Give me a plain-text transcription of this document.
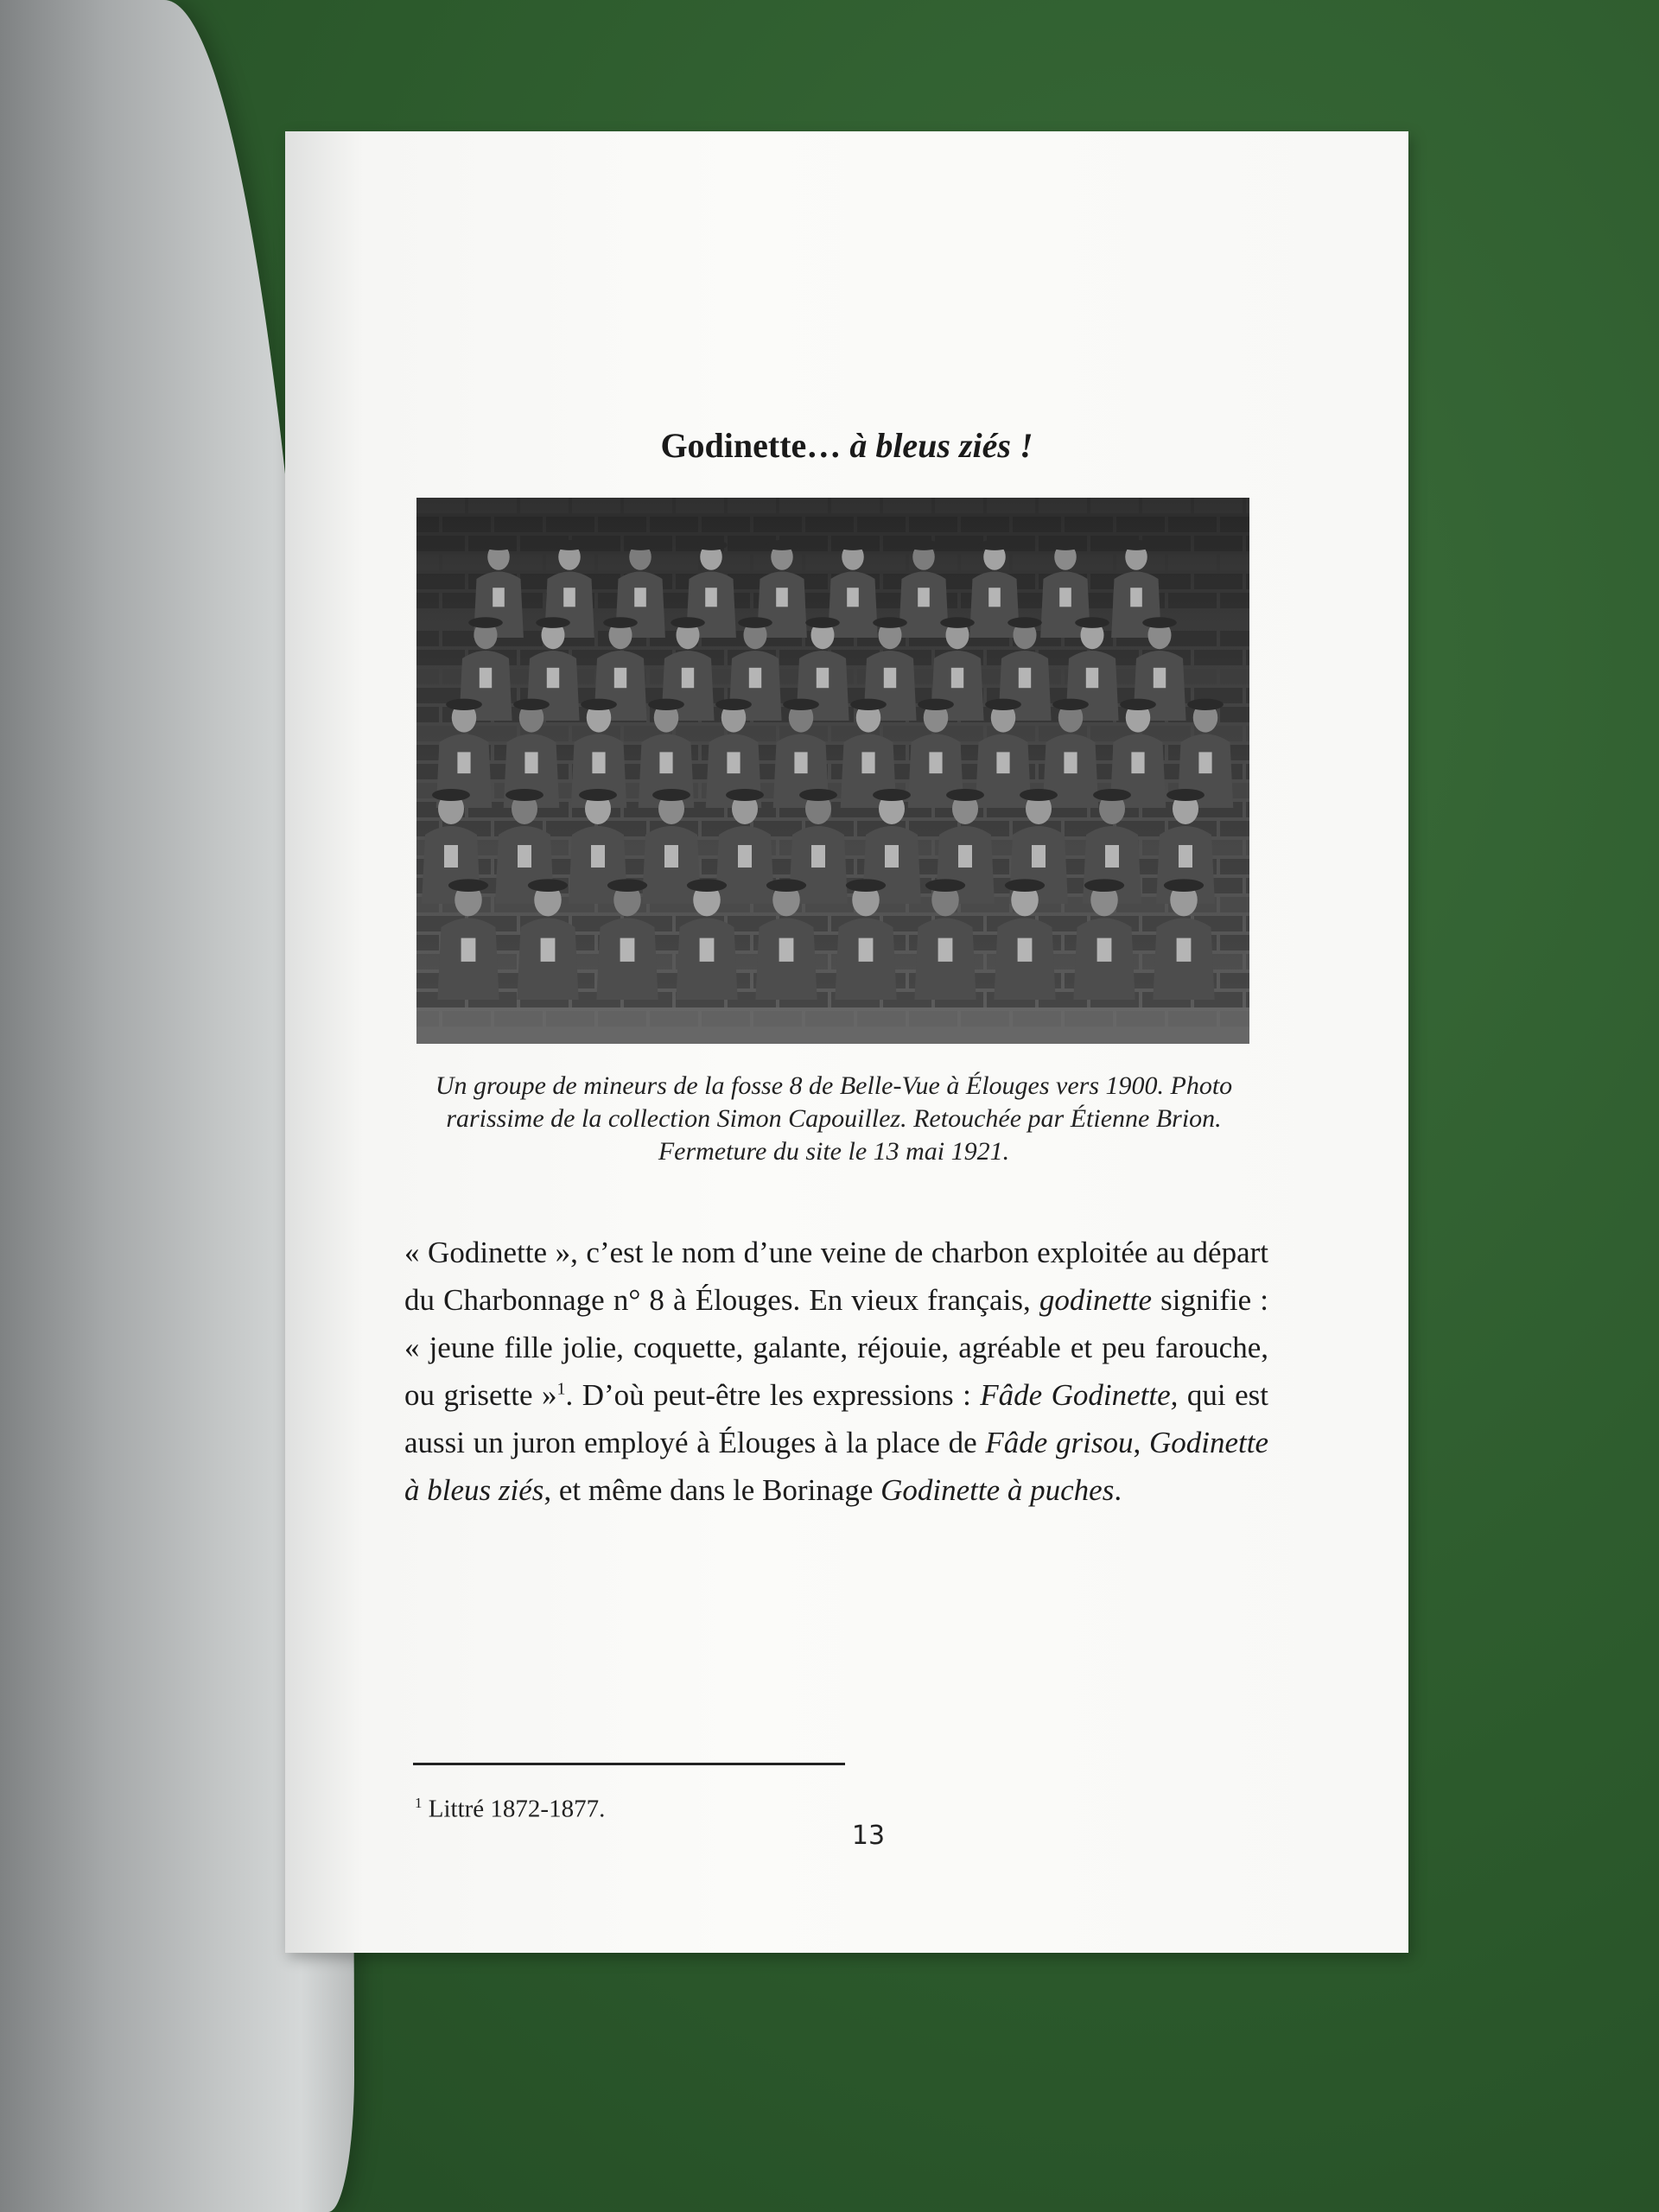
Godinette… à bleus ziés !
Un groupe de mineurs de la fosse 8 de Belle-Vue à Élouges vers 1900. Photo
rarissime de la collection Simon Capouillez. Retouchée par Étienne Brion.
Fermeture du site le 13 mai 1921.
« Godinette », c’est le nom d’une veine de charbon exploitée au départ du Charbonnage n° 8 à Élouges. En vieux français, godinette signifie : « jeune fille jolie, coquette, galante, réjouie, agréable et peu farouche, ou grisette »$^1$. D’où peut-être les expressions : Fâde Godinette, qui est aussi un juron employé à Élouges à la place de Fâde grisou, Godinette à bleus ziés, et même dans le Borinage Godinette à puches.
$^1$ Littré 1872-1877.
13
